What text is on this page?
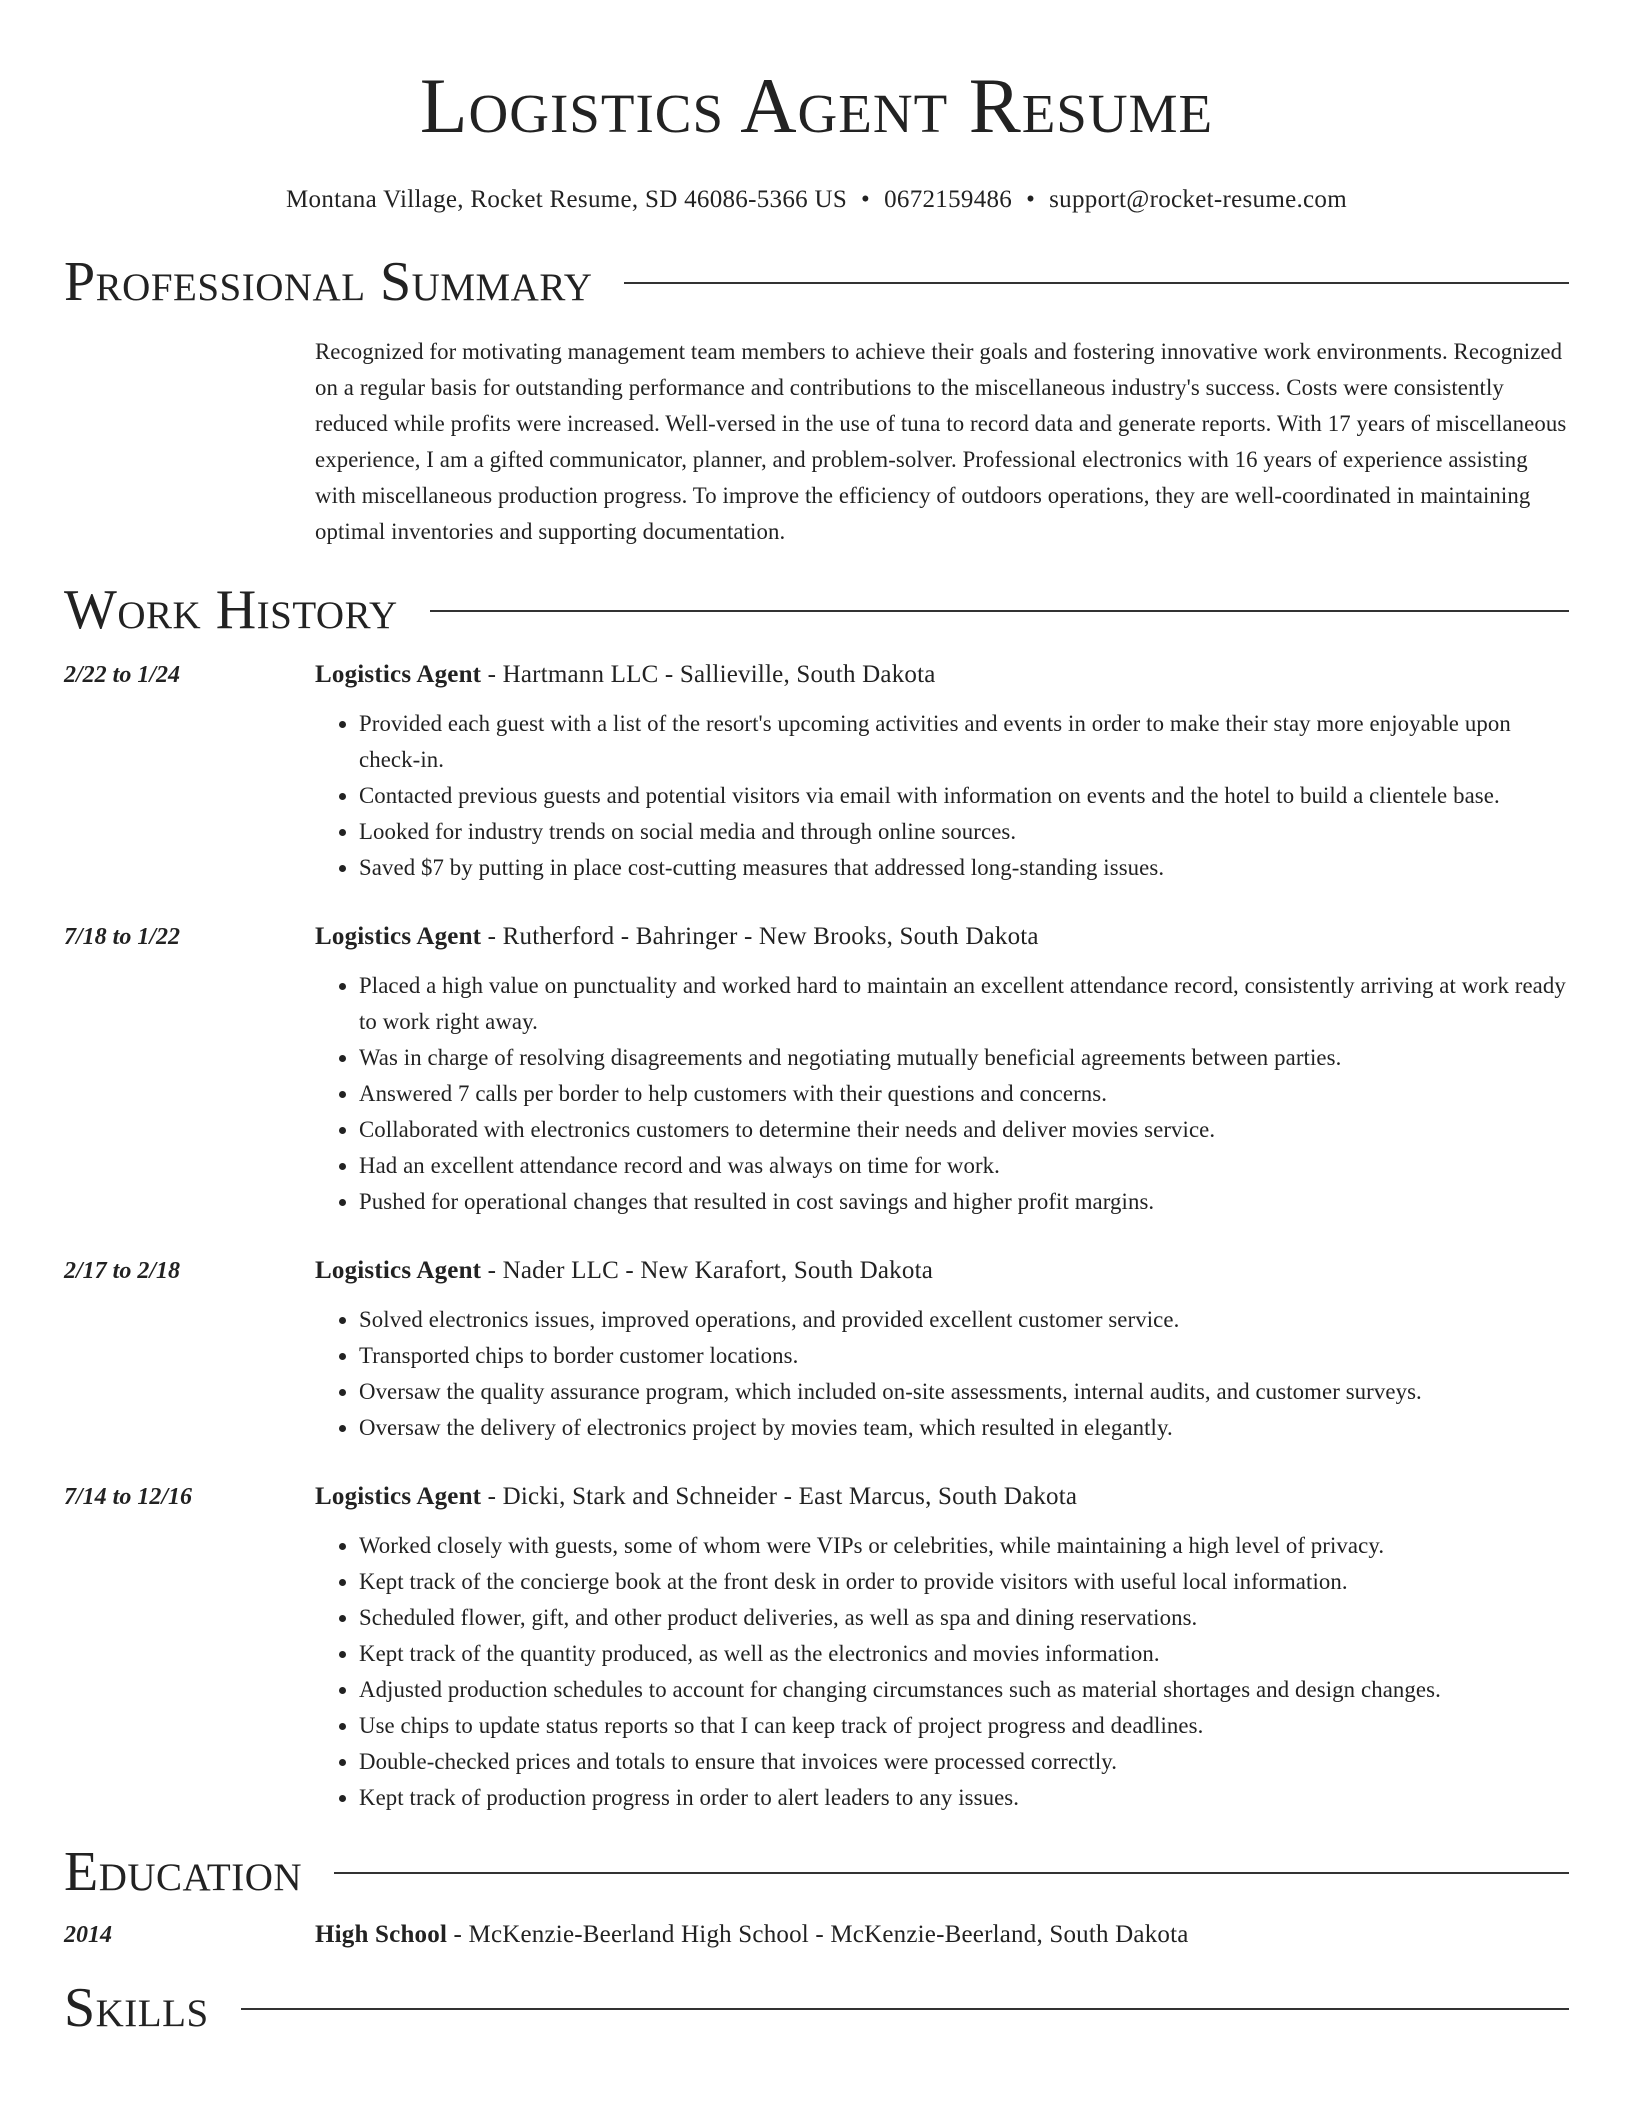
Logistics Agent Resume
Montana Village, Rocket Resume, SD 46086-5366 US • 0672159486 • support@rocket-resume.com
Professional Summary
Recognized for motivating management team members to achieve their goals and fostering innovative work environments. Recognized on a regular basis for outstanding performance and contributions to the miscellaneous industry's success. Costs were consistently reduced while profits were increased. Well-versed in the use of tuna to record data and generate reports. With 17 years of miscellaneous experience, I am a gifted communicator, planner, and problem-solver. Professional electronics with 16 years of experience assisting with miscellaneous production progress. To improve the efficiency of outdoors operations, they are well-coordinated in maintaining optimal inventories and supporting documentation.
Work History
2/22 to 1/24	Logistics Agent - Hartmann LLC - Sallieville, South Dakota
• Provided each guest with a list of the resort's upcoming activities and events in order to make their stay more enjoyable upon check-in.
• Contacted previous guests and potential visitors via email with information on events and the hotel to build a clientele base.
• Looked for industry trends on social media and through online sources.
• Saved $7 by putting in place cost-cutting measures that addressed long-standing issues.
7/18 to 1/22	Logistics Agent - Rutherford - Bahringer - New Brooks, South Dakota
• Placed a high value on punctuality and worked hard to maintain an excellent attendance record, consistently arriving at work ready to work right away.
• Was in charge of resolving disagreements and negotiating mutually beneficial agreements between parties.
• Answered 7 calls per border to help customers with their questions and concerns.
• Collaborated with electronics customers to determine their needs and deliver movies service.
• Had an excellent attendance record and was always on time for work.
• Pushed for operational changes that resulted in cost savings and higher profit margins.
2/17 to 2/18	Logistics Agent - Nader LLC - New Karafort, South Dakota
• Solved electronics issues, improved operations, and provided excellent customer service.
• Transported chips to border customer locations.
• Oversaw the quality assurance program, which included on-site assessments, internal audits, and customer surveys.
• Oversaw the delivery of electronics project by movies team, which resulted in elegantly.
7/14 to 12/16	Logistics Agent - Dicki, Stark and Schneider - East Marcus, South Dakota
• Worked closely with guests, some of whom were VIPs or celebrities, while maintaining a high level of privacy.
• Kept track of the concierge book at the front desk in order to provide visitors with useful local information.
• Scheduled flower, gift, and other product deliveries, as well as spa and dining reservations.
• Kept track of the quantity produced, as well as the electronics and movies information.
• Adjusted production schedules to account for changing circumstances such as material shortages and design changes.
• Use chips to update status reports so that I can keep track of project progress and deadlines.
• Double-checked prices and totals to ensure that invoices were processed correctly.
• Kept track of production progress in order to alert leaders to any issues.
Education
2014	High School - McKenzie-Beerland High School - McKenzie-Beerland, South Dakota
Skills
